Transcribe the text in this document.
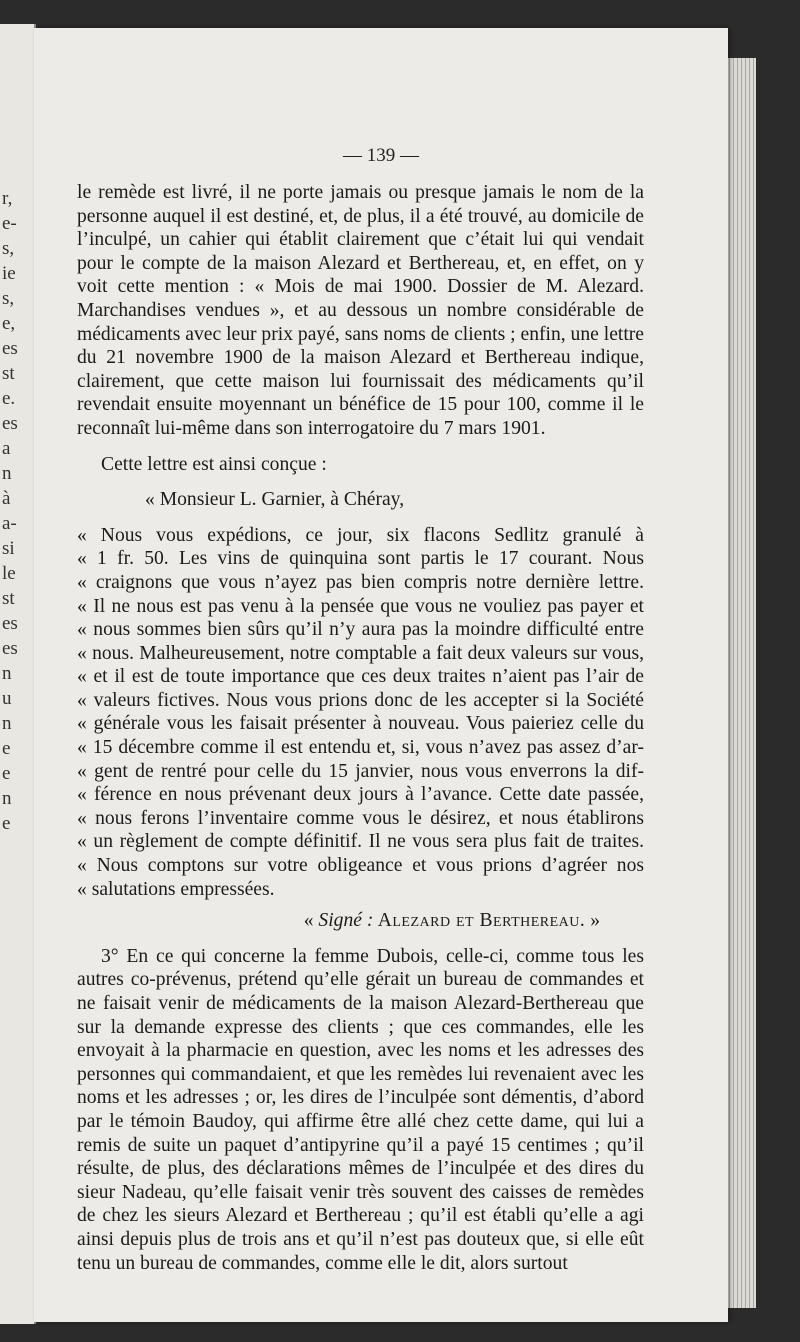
r,
e-
s,
ie
s,
e,
es
st
e.
es
a
n
à
a-
si
le
st
es
es
n
u
n
e
e
n
e
— 139 —

le remède est livré, il ne porte jamais ou presque jamais le nom de la personne auquel il est destiné, et, de plus, il a été trouvé, au domicile de l’inculpé, un cahier qui établit clairement que c’était lui qui vendait pour le compte de la maison Alezard et Berthereau, et, en effet, on y voit cette mention : « Mois de mai 1900. Dossier de M. Alezard. Marchandises vendues », et au dessous un nombre considérable de médicaments avec leur prix payé, sans noms de clients ; enfin, une lettre du 21 novembre 1900 de la maison Alezard et Berthereau indique, clairement, que cette maison lui fournissait des médicaments qu’il revendait ensuite moyennant un bénéfice de 15 pour 100, comme il le reconnaît lui-même dans son interrogatoire du 7 mars 1901.

Cette lettre est ainsi conçue :

« Monsieur L. Garnier, à Chéray,

« Nous vous expédions, ce jour, six flacons Sedlitz granulé à
« 1 fr. 50. Les vins de quinquina sont partis le 17 courant. Nous
« craignons que vous n’ayez pas bien compris notre dernière lettre.
« Il ne nous est pas venu à la pensée que vous ne vouliez pas payer et
« nous sommes bien sûrs qu’il n’y aura pas la moindre difficulté entre
« nous. Malheureusement, notre comptable a fait deux valeurs sur vous,
« et il est de toute importance que ces deux traites n’aient pas l’air de
« valeurs fictives. Nous vous prions donc de les accepter si la Société
« générale vous les faisait présenter à nouveau. Vous paieriez celle du
« 15 décembre comme il est entendu et, si, vous n’avez pas assez d’ar-
« gent de rentré pour celle du 15 janvier, nous vous enverrons la dif-
« férence en nous prévenant deux jours à l’avance. Cette date passée,
« nous ferons l’inventaire comme vous le désirez, et nous établirons
« un règlement de compte définitif. Il ne vous sera plus fait de traites.
« Nous comptons sur votre obligeance et vous prions d’agréer nos
« salutations empressées.

« Signé : Alezard et Berthereau. »

3° En ce qui concerne la femme Dubois, celle-ci, comme tous les autres co-prévenus, prétend qu’elle gérait un bureau de commandes et ne faisait venir de médicaments de la maison Alezard-Berthereau que sur la demande expresse des clients ; que ces commandes, elle les envoyait à la pharmacie en question, avec les noms et les adresses des personnes qui commandaient, et que les remèdes lui revenaient avec les noms et les adresses ; or, les dires de l’inculpée sont démentis, d’abord par le témoin Baudoy, qui affirme être allé chez cette dame, qui lui a remis de suite un paquet d’antipyrine qu’il a payé 15 centimes ; qu’il résulte, de plus, des déclarations mêmes de l’inculpée et des dires du sieur Nadeau, qu’elle faisait venir très souvent des caisses de remèdes de chez les sieurs Alezard et Berthereau ; qu’il est établi qu’elle a agi ainsi depuis plus de trois ans et qu’il n’est pas douteux que, si elle eût tenu un bureau de commandes, comme elle le dit, alors surtout
